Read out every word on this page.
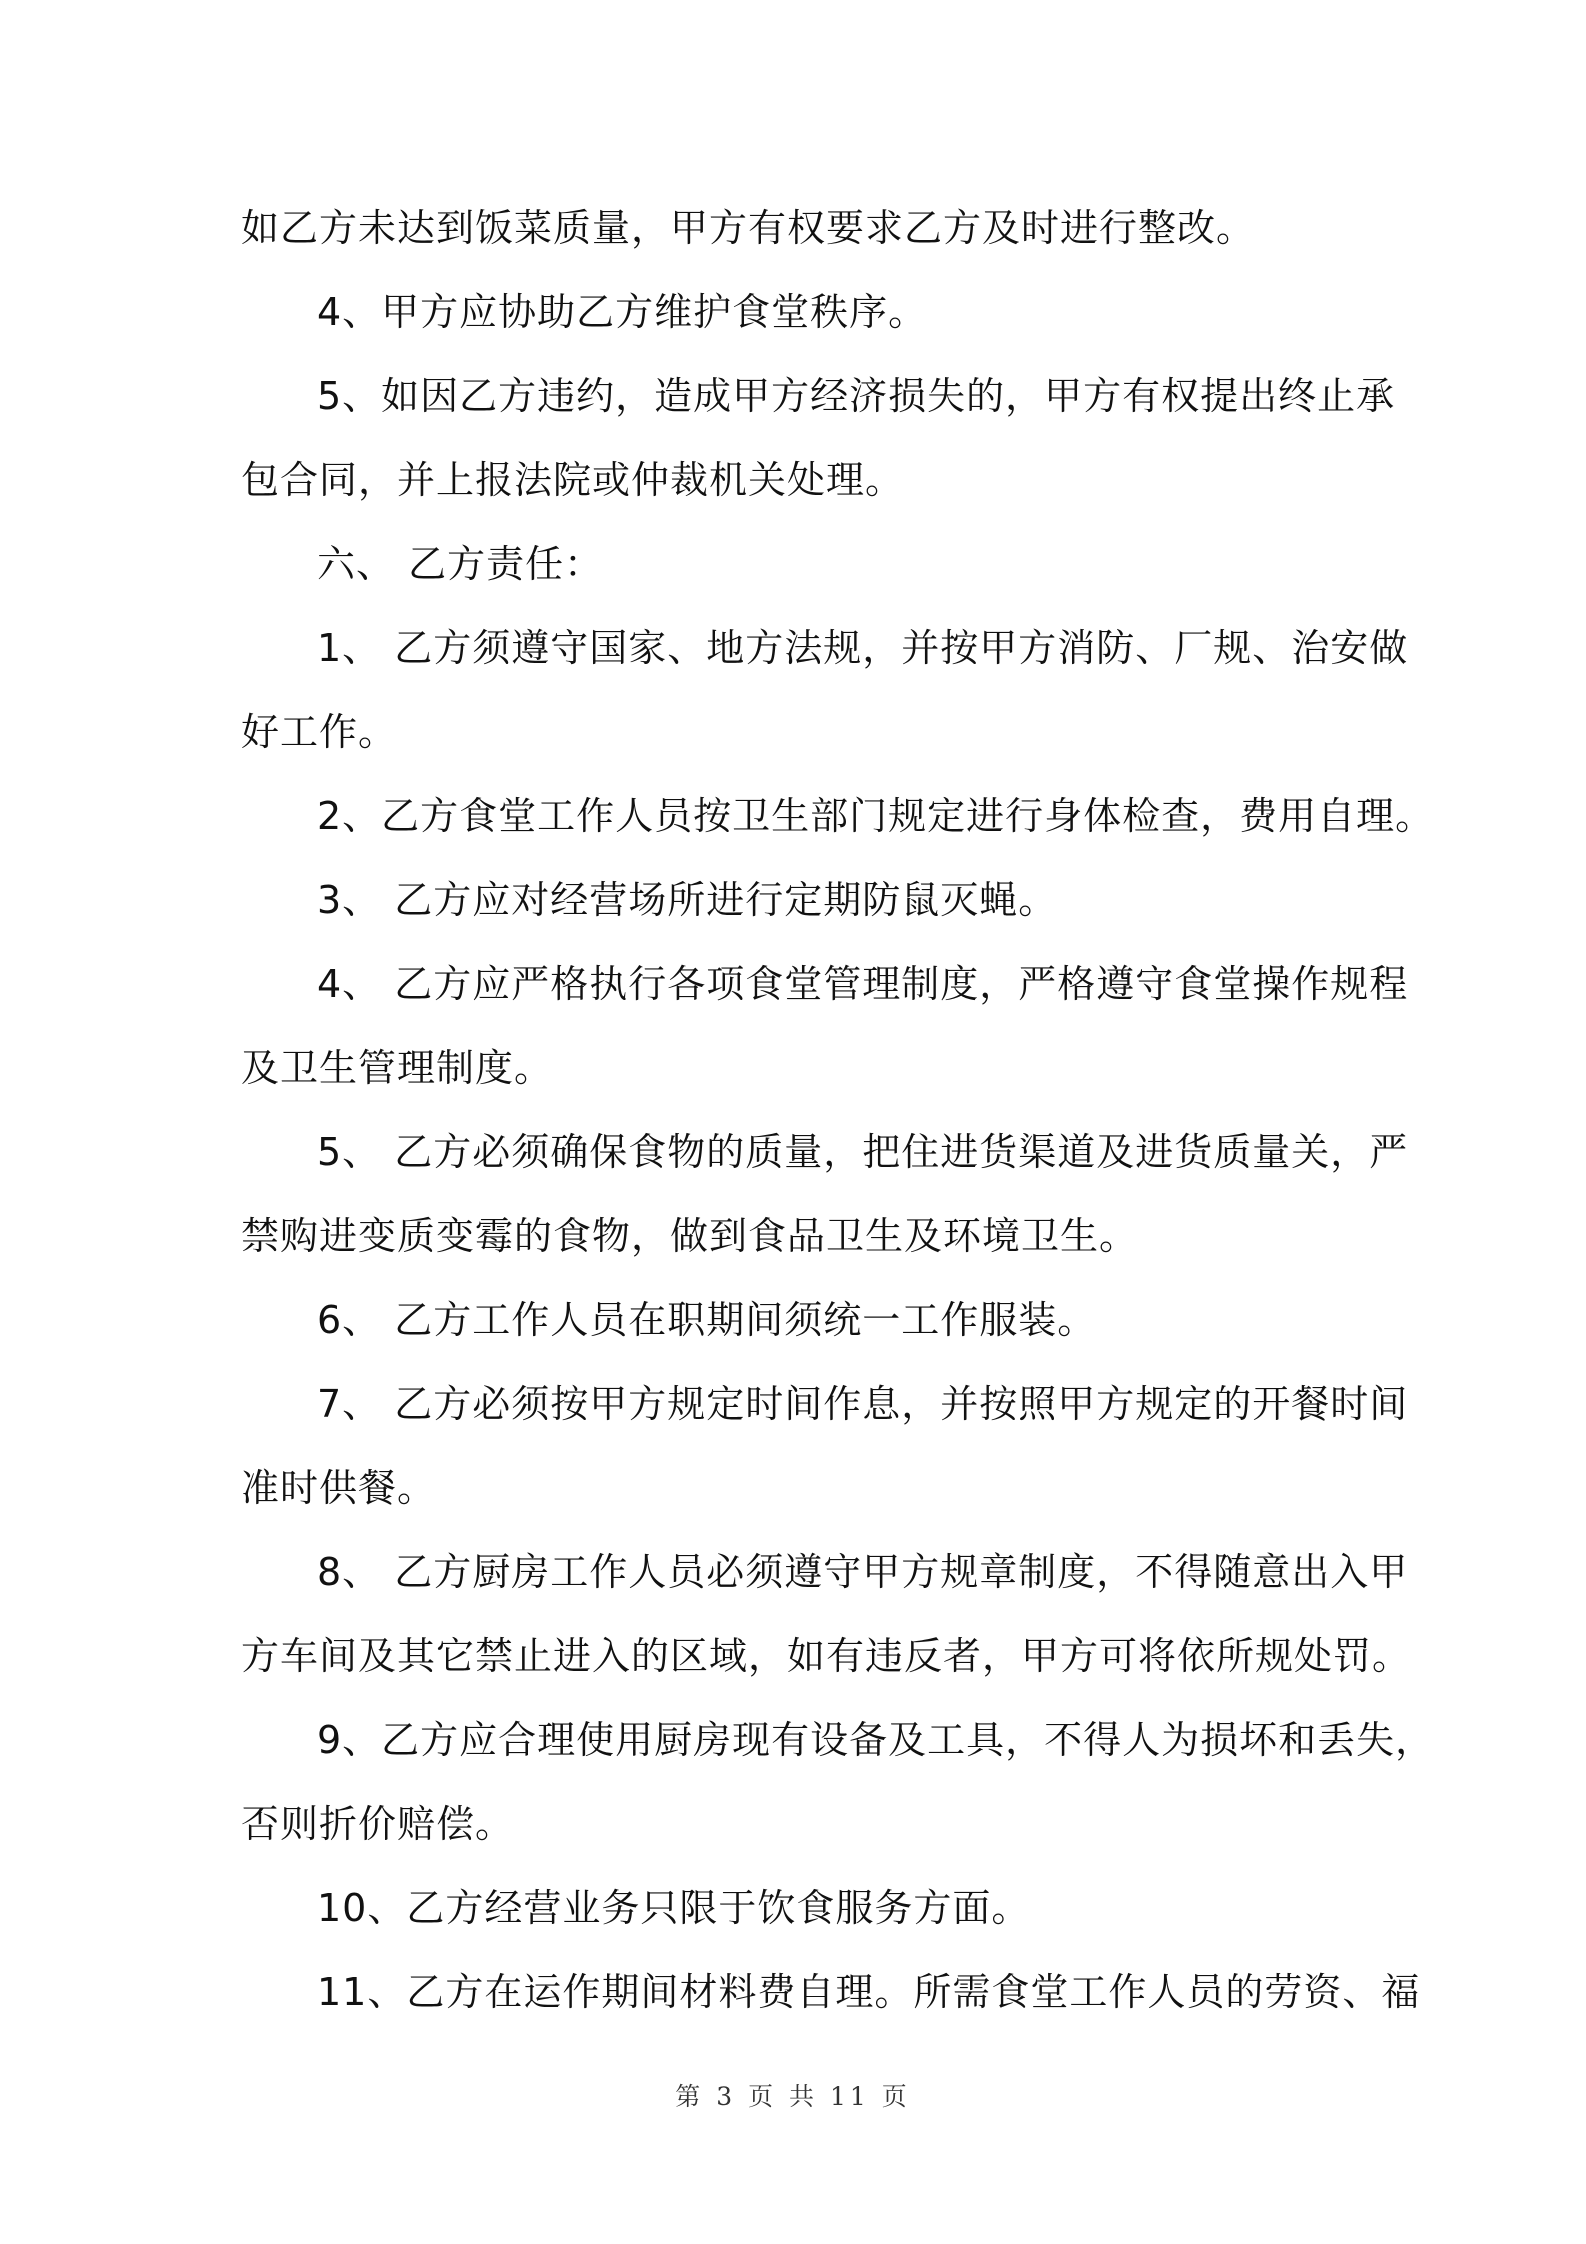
如乙方未达到饭菜质量，甲方有权要求乙方及时进行整改。
4、甲方应协助乙方维护食堂秩序。
5、如因乙方违约，造成甲方经济损失的，甲方有权提出终止承
包合同，并上报法院或仲裁机关处理。
六、 乙方责任：
1、 乙方须遵守国家、地方法规，并按甲方消防、厂规、治安做
好工作。
2、乙方食堂工作人员按卫生部门规定进行身体检查，费用自理。
3、 乙方应对经营场所进行定期防鼠灭蝇。
4、 乙方应严格执行各项食堂管理制度，严格遵守食堂操作规程
及卫生管理制度。
5、 乙方必须确保食物的质量，把住进货渠道及进货质量关，严
禁购进变质变霉的食物，做到食品卫生及环境卫生。
6、 乙方工作人员在职期间须统一工作服装。
7、 乙方必须按甲方规定时间作息，并按照甲方规定的开餐时间
准时供餐。
8、 乙方厨房工作人员必须遵守甲方规章制度，不得随意出入甲
方车间及其它禁止进入的区域，如有违反者，甲方可将依所规处罚。
9、乙方应合理使用厨房现有设备及工具，不得人为损坏和丢失，
否则折价赔偿。
10、乙方经营业务只限于饮食服务方面。
11、乙方在运作期间材料费自理。所需食堂工作人员的劳资、福
第 3 页 共 11 页
